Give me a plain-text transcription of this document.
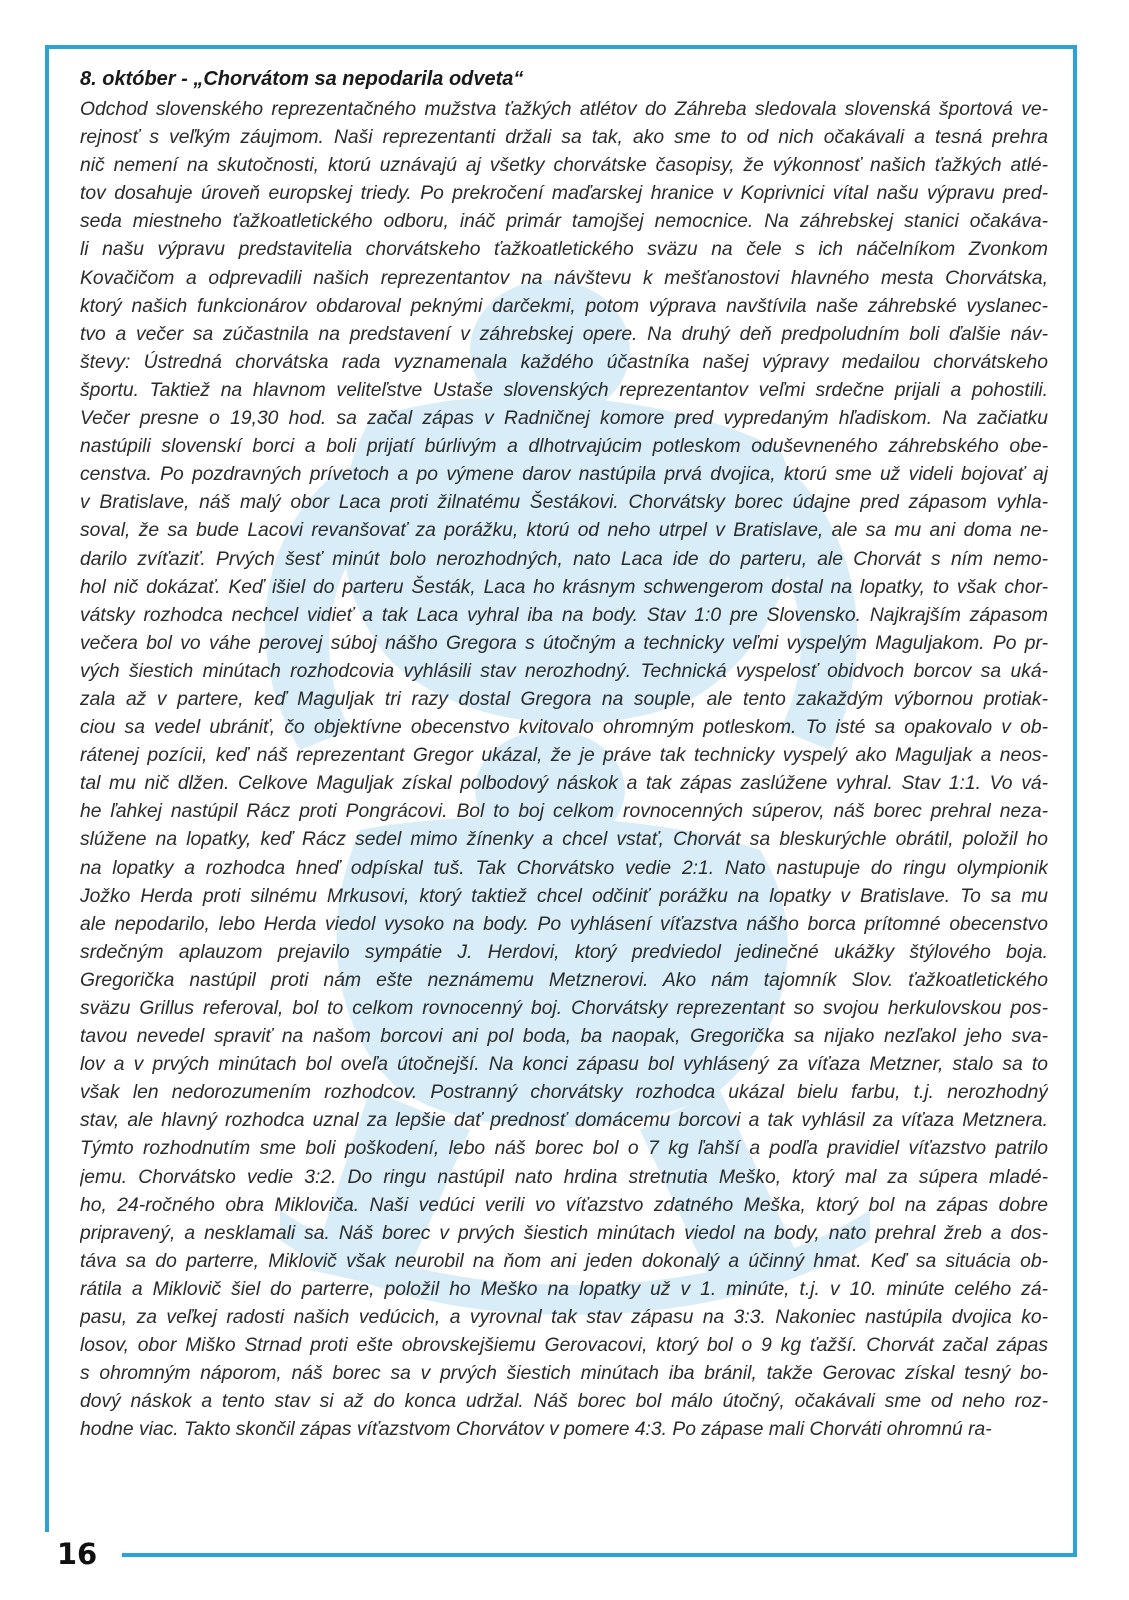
8. október - „Chorvátom sa nepodarila odveta“
Odchod slovenského reprezentačného mužstva ťažkých atlétov do Záhreba sledovala slovenská športová ve-
rejnosť s veľkým záujmom. Naši reprezentanti držali sa tak, ako sme to od nich očakávali a tesná prehra
nič nemení na skutočnosti, ktorú uznávajú aj všetky chorvátske časopisy, že výkonnosť našich ťažkých atlé-
tov dosahuje úroveň europskej triedy. Po prekročení maďarskej hranice v Koprivnici vítal našu výpravu pred-
seda miestneho ťažkoatletického odboru, ináč primár tamojšej nemocnice. Na záhrebskej stanici očakáva-
li našu výpravu predstavitelia chorvátskeho ťažkoatletického sväzu na čele s ich náčelníkom Zvonkom
Kovačičom a odprevadili našich reprezentantov na návštevu k mešťanostovi hlavného mesta Chorvátska,
ktorý našich funkcionárov obdaroval peknými darčekmi, potom výprava navštívila naše záhrebské vyslanec-
tvo a večer sa zúčastnila na predstavení v záhrebskej opere. Na druhý deň predpoludním boli ďalšie náv-
števy: Ústredná chorvátska rada vyznamenala každého účastníka našej výpravy medailou chorvátskeho
športu. Taktiež na hlavnom veliteľstve Ustaše slovenských reprezentantov veľmi srdečne prijali a pohostili.
Večer presne o 19,30 hod. sa začal zápas v Radničnej komore pred vypredaným hľadiskom. Na začiatku
nastúpili slovenskí borci a boli prijatí búrlivým a dlhotrvajúcim potleskom oduševneného záhrebského obe-
censtva. Po pozdravných prívetoch a po výmene darov nastúpila prvá dvojica, ktorú sme už videli bojovať aj
v Bratislave, náš malý obor Laca proti žilnatému Šestákovi. Chorvátsky borec údajne pred zápasom vyhla-
soval, že sa bude Lacovi revanšovať za porážku, ktorú od neho utrpel v Bratislave, ale sa mu ani doma ne-
darilo zvíťaziť. Prvých šesť minút bolo nerozhodných, nato Laca ide do parteru, ale Chorvát s ním nemo-
hol nič dokázať. Keď išiel do parteru Šesták, Laca ho krásnym schwengerom dostal na lopatky, to však chor-
vátsky rozhodca nechcel vidieť a tak Laca vyhral iba na body. Stav 1:0 pre Slovensko. Najkrajším zápasom
večera bol vo váhe perovej súboj nášho Gregora s útočným a technicky veľmi vyspelým Maguljakom. Po pr-
vých šiestich minútach rozhodcovia vyhlásili stav nerozhodný. Technická vyspelosť obidvoch borcov sa uká-
zala až v partere, keď Maguljak tri razy dostal Gregora na souple, ale tento zakaždým výbornou protiak-
ciou sa vedel ubrániť, čo objektívne obecenstvo kvitovalo ohromným potleskom. To isté sa opakovalo v ob-
rátenej pozícii, keď náš reprezentant Gregor ukázal, že je práve tak technicky vyspelý ako Maguljak a neos-
tal mu nič dlžen. Celkove Maguljak získal polbodový náskok a tak zápas zaslúžene vyhral. Stav 1:1. Vo vá-
he ľahkej nastúpil Rácz proti Pongrácovi. Bol to boj celkom rovnocenných súperov, náš borec prehral neza-
slúžene na lopatky, keď Rácz sedel mimo žínenky a chcel vstať, Chorvát sa bleskurýchle obrátil, položil ho
na lopatky a rozhodca hneď odpískal tuš. Tak Chorvátsko vedie 2:1. Nato nastupuje do ringu olympionik
Jožko Herda proti silnému Mrkusovi, ktorý taktiež chcel odčiniť porážku na lopatky v Bratislave. To sa mu
ale nepodarilo, lebo Herda viedol vysoko na body. Po vyhlásení víťazstva nášho borca prítomné obecenstvo
srdečným aplauzom prejavilo sympátie J. Herdovi, ktorý predviedol jedinečné ukážky štýlového boja.
Gregorička nastúpil proti nám ešte neznámemu Metznerovi. Ako nám tajomník Slov. ťažkoatletického
sväzu Grillus referoval, bol to celkom rovnocenný boj. Chorvátsky reprezentant so svojou herkulovskou pos-
tavou nevedel spraviť na našom borcovi ani pol boda, ba naopak, Gregorička sa nijako nezľakol jeho sva-
lov a v prvých minútach bol oveľa útočnejší. Na konci zápasu bol vyhlásený za víťaza Metzner, stalo sa to
však len nedorozumením rozhodcov. Postranný chorvátsky rozhodca ukázal bielu farbu, t.j. nerozhodný
stav, ale hlavný rozhodca uznal za lepšie dať prednosť domácemu borcovi a tak vyhlásil za víťaza Metznera.
Týmto rozhodnutím sme boli poškodení, lebo náš borec bol o 7 kg ľahší a podľa pravidiel víťazstvo patrilo
jemu. Chorvátsko vedie 3:2. Do ringu nastúpil nato hrdina stretnutia Meško, ktorý mal za súpera mladé-
ho, 24-ročného obra Mikloviča. Naši vedúci verili vo víťazstvo zdatného Meška, ktorý bol na zápas dobre
pripravený, a nesklamali sa. Náš borec v prvých šiestich minútach viedol na body, nato prehral žreb a dos-
táva sa do parterre, Miklovič však neurobil na ňom ani jeden dokonalý a účinný hmat. Keď sa situácia ob-
rátila a Miklovič šiel do parterre, položil ho Meško na lopatky už v 1. minúte, t.j. v 10. minúte celého zá-
pasu, za veľkej radosti našich vedúcich, a vyrovnal tak stav zápasu na 3:3. Nakoniec nastúpila dvojica ko-
losov, obor Miško Strnad proti ešte obrovskejšiemu Gerovacovi, ktorý bol o 9 kg ťažší. Chorvát začal zápas
s ohromným náporom, náš borec sa v prvých šiestich minútach iba bránil, takže Gerovac získal tesný bo-
dový náskok a tento stav si až do konca udržal. Náš borec bol málo útočný, očakávali sme od neho roz-
hodne viac. Takto skončil zápas víťazstvom Chorvátov v pomere 4:3. Po zápase mali Chorváti ohromnú ra-
16
